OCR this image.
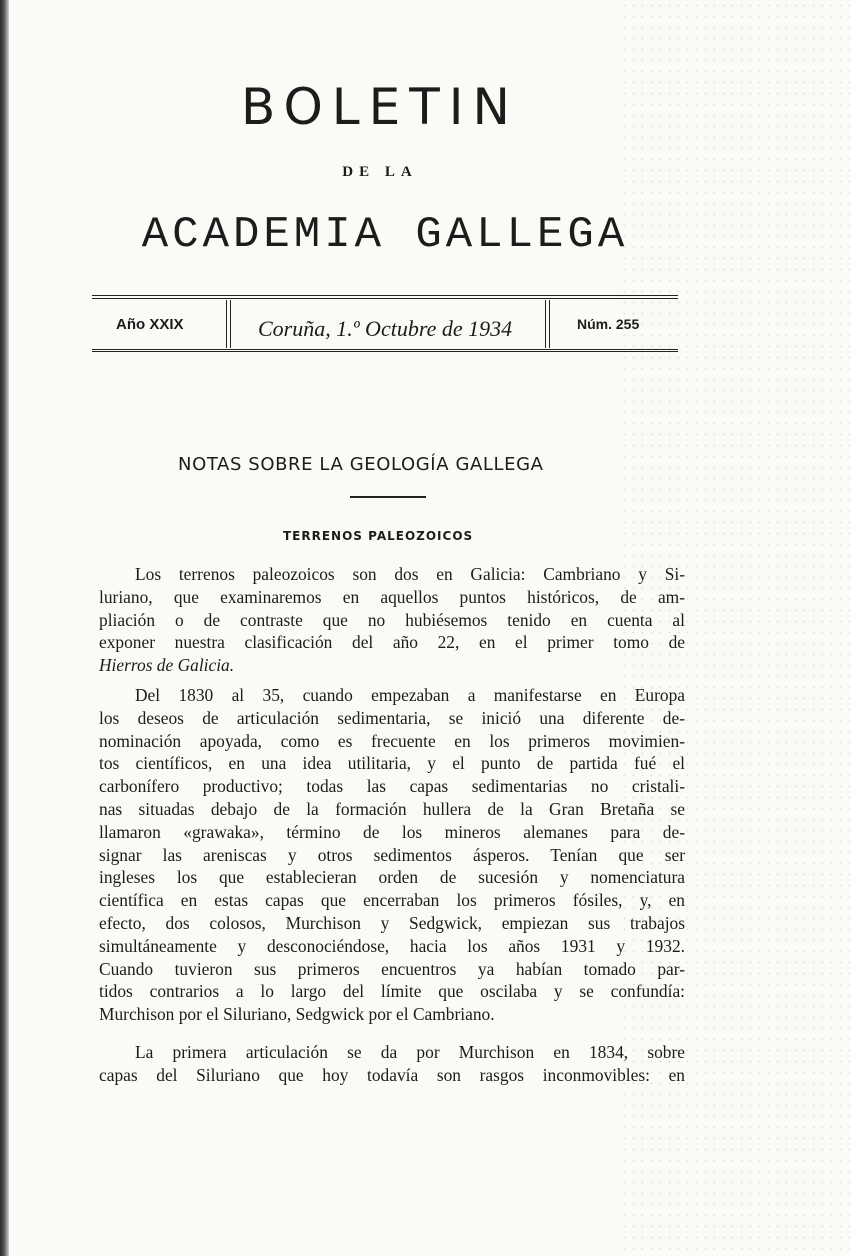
BOLETIN
DE LA
ACADEMIA GALLEGA
Año XXIX	Coruña, 1.º Octubre de 1934	Núm. 255
NOTAS SOBRE LA GEOLOGÍA GALLEGA
TERRENOS PALEOZOICOS
Los terrenos paleozoicos son dos en Galicia: Cambriano y Si-
luriano, que examinaremos en aquellos puntos históricos, de am-
pliación o de contraste que no hubiésemos tenido en cuenta al
exponer nuestra clasificación del año 22, en el primer tomo de
Hierros de Galicia.
Del 1830 al 35, cuando empezaban a manifestarse en Europa
los deseos de articulación sedimentaria, se inició una diferente de-
nominación apoyada, como es frecuente en los primeros movimien-
tos científicos, en una idea utilitaria, y el punto de partida fué el
carbonífero productivo; todas las capas sedimentarias no cristali-
nas situadas debajo de la formación hullera de la Gran Bretaña se
llamaron «grawaka», término de los mineros alemanes para de-
signar las areniscas y otros sedimentos ásperos. Tenían que ser
ingleses los que establecieran orden de sucesión y nomenciatura
científica en estas capas que encerraban los primeros fósiles, y, en
efecto, dos colosos, Murchison y Sedgwick, empiezan sus trabajos
simultáneamente y desconociéndose, hacia los años 1931 y 1932.
Cuando tuvieron sus primeros encuentros ya habían tomado par-
tidos contrarios a lo largo del límite que oscilaba y se confundía:
Murchison por el Siluriano, Sedgwick por el Cambriano.
La primera articulación se da por Murchison en 1834, sobre
capas del Siluriano que hoy todavía son rasgos inconmovibles: en
